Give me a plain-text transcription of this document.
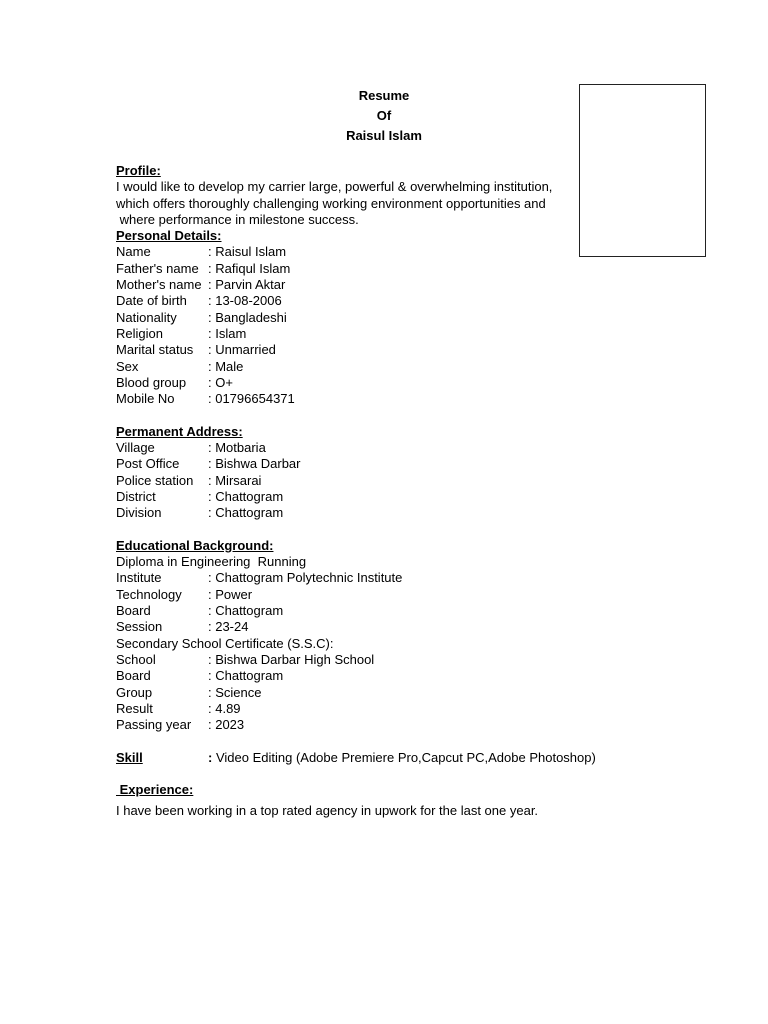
Resume
Of
Raisul Islam
Profile:
I would like to develop my carrier large, powerful & overwhelming institution,
which offers thoroughly challenging working environment opportunities and
where performance in milestone success.
Personal Details:
Name	: Raisul Islam
Father's name : Rafiqul Islam
Mother's name : Parvin Aktar
Date of birth	: 13-08-2006
Nationality	: Bangladeshi
Religion	: Islam
Marital status	: Unmarried
Sex	: Male
Blood group	: O+
Mobile No	: 01796654371
Permanent Address:
Village	: Motbaria
Post Office	: Bishwa Darbar
Police station	: Mirsarai
District	: Chattogram
Division	: Chattogram
Educational Background:
Diploma in Engineering  Running
Institute	: Chattogram Polytechnic Institute
Technology	: Power
Board	: Chattogram
Session	: 23-24
Secondary School Certificate (S.S.C):
School	: Bishwa Darbar High School
Board	: Chattogram
Group	: Science
Result	: 4.89
Passing year	: 2023
Skill	: Video Editing (Adobe Premiere Pro,Capcut PC,Adobe Photoshop)
Experience:
I have been working in a top rated agency in upwork for the last one year.
